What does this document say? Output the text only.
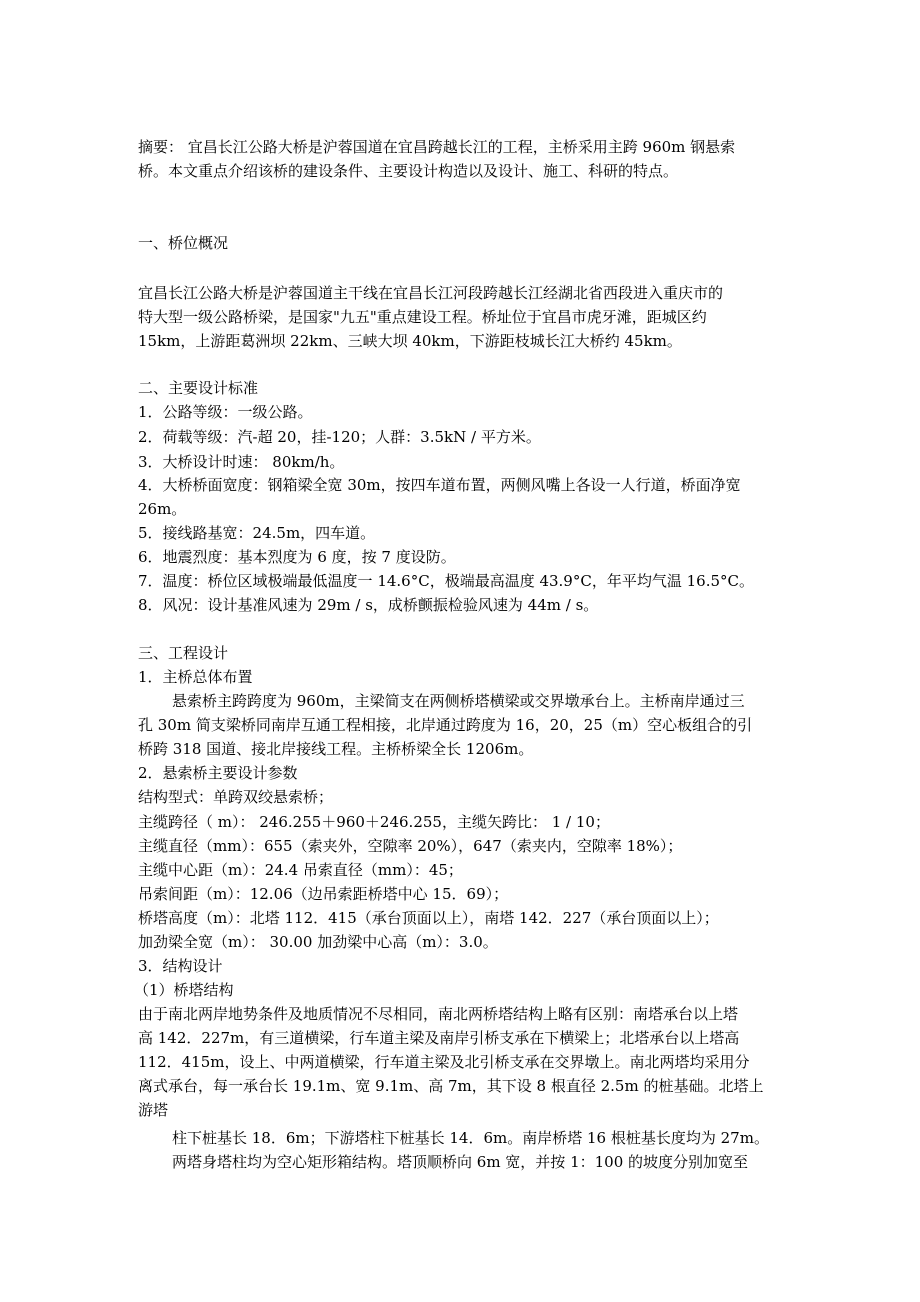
摘要： 宜昌长江公路大桥是沪蓉国道在宜昌跨越长江的工程，主桥采用主跨 960m 钢悬索
桥。本文重点介绍该桥的建设条件、主要设计构造以及设计、施工、科研的特点。
一、桥位概况
宜昌长江公路大桥是沪蓉国道主干线在宜昌长江河段跨越长江经湖北省西段进入重庆市的
特大型一级公路桥梁，是国家"九五"重点建设工程。桥址位于宜昌市虎牙滩，距城区约
15km，上游距葛洲坝 22km、三峡大坝 40km，下游距枝城长江大桥约 45km。
二、主要设计标准
1．公路等级：一级公路。
2．荷载等级：汽-超 20，挂-120；人群：3.5kN / 平方米。
3．大桥设计时速： 80km/h。
4．大桥桥面宽度：钢箱梁全宽 30m，按四车道布置，两侧风嘴上各设一人行道，桥面净宽
26m。
5．接线路基宽：24.5m，四车道。
6．地震烈度：基本烈度为 6 度，按 7 度设防。
7．温度：桥位区域极端最低温度一 14.6°C，极端最高温度 43.9°C，年平均气温 16.5°C。
8．风况：设计基准风速为 29m / s，成桥颤振检验风速为 44m / s。
三、工程设计
1．主桥总体布置
悬索桥主跨跨度为 960m，主梁简支在两侧桥塔横梁或交界墩承台上。主桥南岸通过三
孔 30m 简支梁桥同南岸互通工程相接，北岸通过跨度为 16，20，25（m）空心板组合的引
桥跨 318 国道、接北岸接线工程。主桥桥梁全长 1206m。
2．悬索桥主要设计参数
结构型式：单跨双绞悬索桥；
主缆跨径（ m）： 246.255＋960＋246.255，主缆矢跨比： 1 / 10；
主缆直径（mm）：655（索夹外，空隙率 20%），647（索夹内，空隙率 18%）；
主缆中心距（m）：24.4 吊索直径（mm）：45；
吊索间距（m）：12.06（边吊索距桥塔中心 15．69）；
桥塔高度（m）：北塔 112．415（承台顶面以上），南塔 142．227（承台顶面以上）；
加劲梁全宽（m）： 30.00 加劲梁中心高（m）：3.0。
3．结构设计
（1）桥塔结构
由于南北两岸地势条件及地质情况不尽相同，南北两桥塔结构上略有区别：南塔承台以上塔
高 142．227m，有三道横梁，行车道主梁及南岸引桥支承在下横梁上；北塔承台以上塔高
112．415m，设上、中两道横梁，行车道主梁及北引桥支承在交界墩上。南北两塔均采用分
离式承台，每一承台长 19.1m、宽 9.1m、高 7m，其下设 8 根直径 2.5m 的桩基础。北塔上
游塔
柱下桩基长 18．6m；下游塔柱下桩基长 14．6m。南岸桥塔 16 根桩基长度均为 27m。
两塔身塔柱均为空心矩形箱结构。塔顶顺桥向 6m 宽，并按 1：100 的坡度分别加宽至
